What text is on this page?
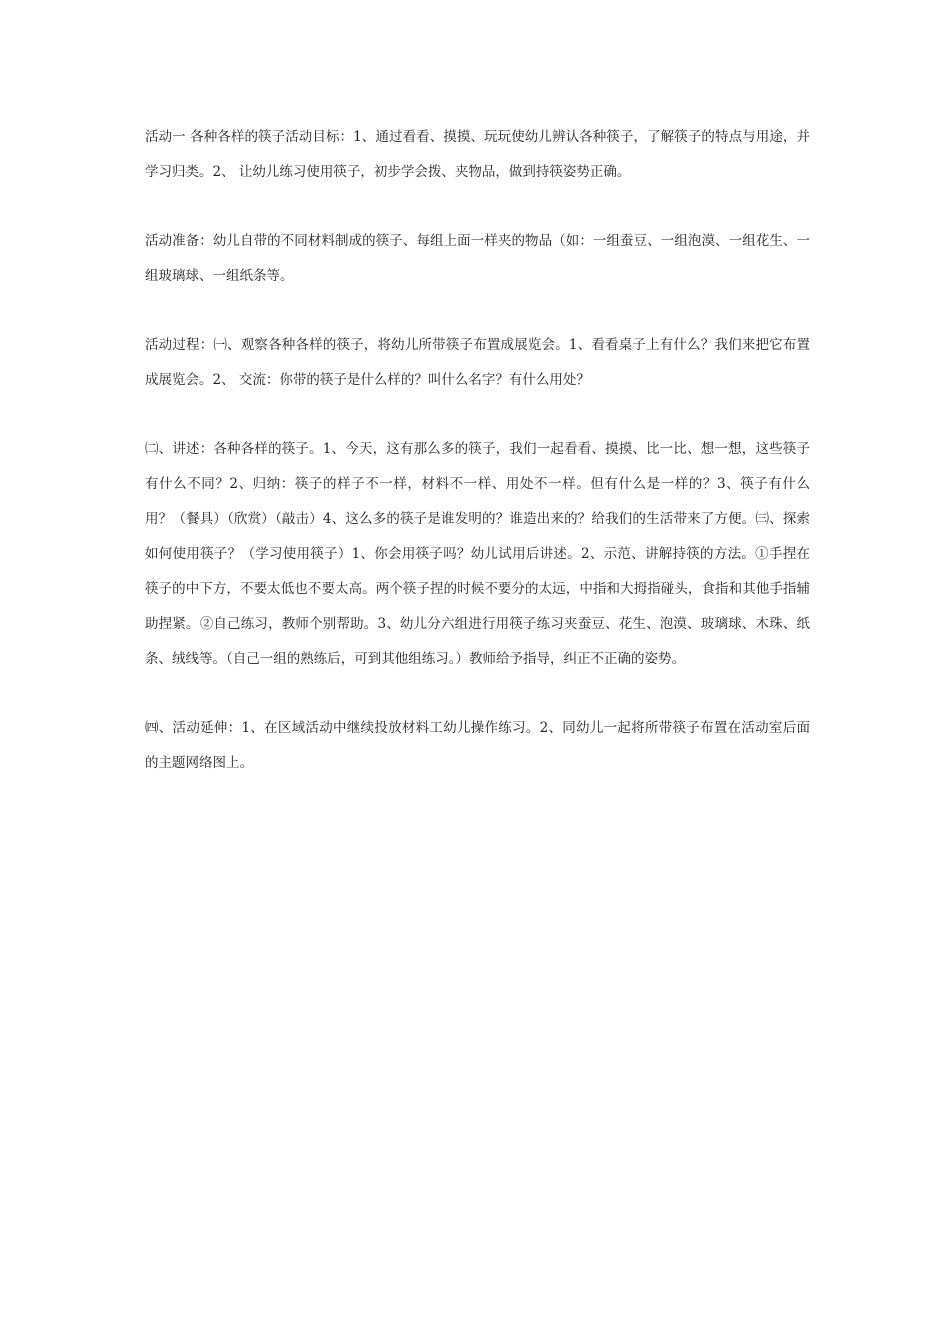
活动一 各种各样的筷子活动目标：1、通过看看、摸摸、玩玩使幼儿辨认各种筷子，了解筷子的特点与用途，并学习归类。2、 让幼儿练习使用筷子，初步学会拨、夹物品，做到持筷姿势正确。

活动准备：幼儿自带的不同材料制成的筷子、每组上面一样夹的物品（如：一组蚕豆、一组泡漠、一组花生、一组玻璃球、一组纸条等。

活动过程：㈠、观察各种各样的筷子，将幼儿所带筷子布置成展览会。1、看看桌子上有什么？我们来把它布置成展览会。2、 交流：你带的筷子是什么样的？叫什么名字？有什么用处？

㈡、讲述：各种各样的筷子。1、今天，这有那么多的筷子，我们一起看看、摸摸、比一比、想一想，这些筷子有什么不同？2、归纳：筷子的样子不一样，材料不一样、用处不一样。但有什么是一样的？3、筷子有什么用？（餐具）（欣赏）（敲击）4、这么多的筷子是谁发明的？谁造出来的？给我们的生活带来了方便。㈢、探索如何使用筷子？（学习使用筷子）1、你会用筷子吗？幼儿试用后讲述。2、示范、讲解持筷的方法。①手捏在筷子的中下方，不要太低也不要太高。两个筷子捏的时候不要分的太远，中指和大拇指碰头，食指和其他手指辅助捏紧。②自己练习，教师个别帮助。3、幼儿分六组进行用筷子练习夹蚕豆、花生、泡漠、玻璃球、木珠、纸条、绒线等。（自己一组的熟练后，可到其他组练习。）教师给予指导，纠正不正确的姿势。

㈣、活动延伸：1、在区域活动中继续投放材料工幼儿操作练习。2、同幼儿一起将所带筷子布置在活动室后面的主题网络图上。
